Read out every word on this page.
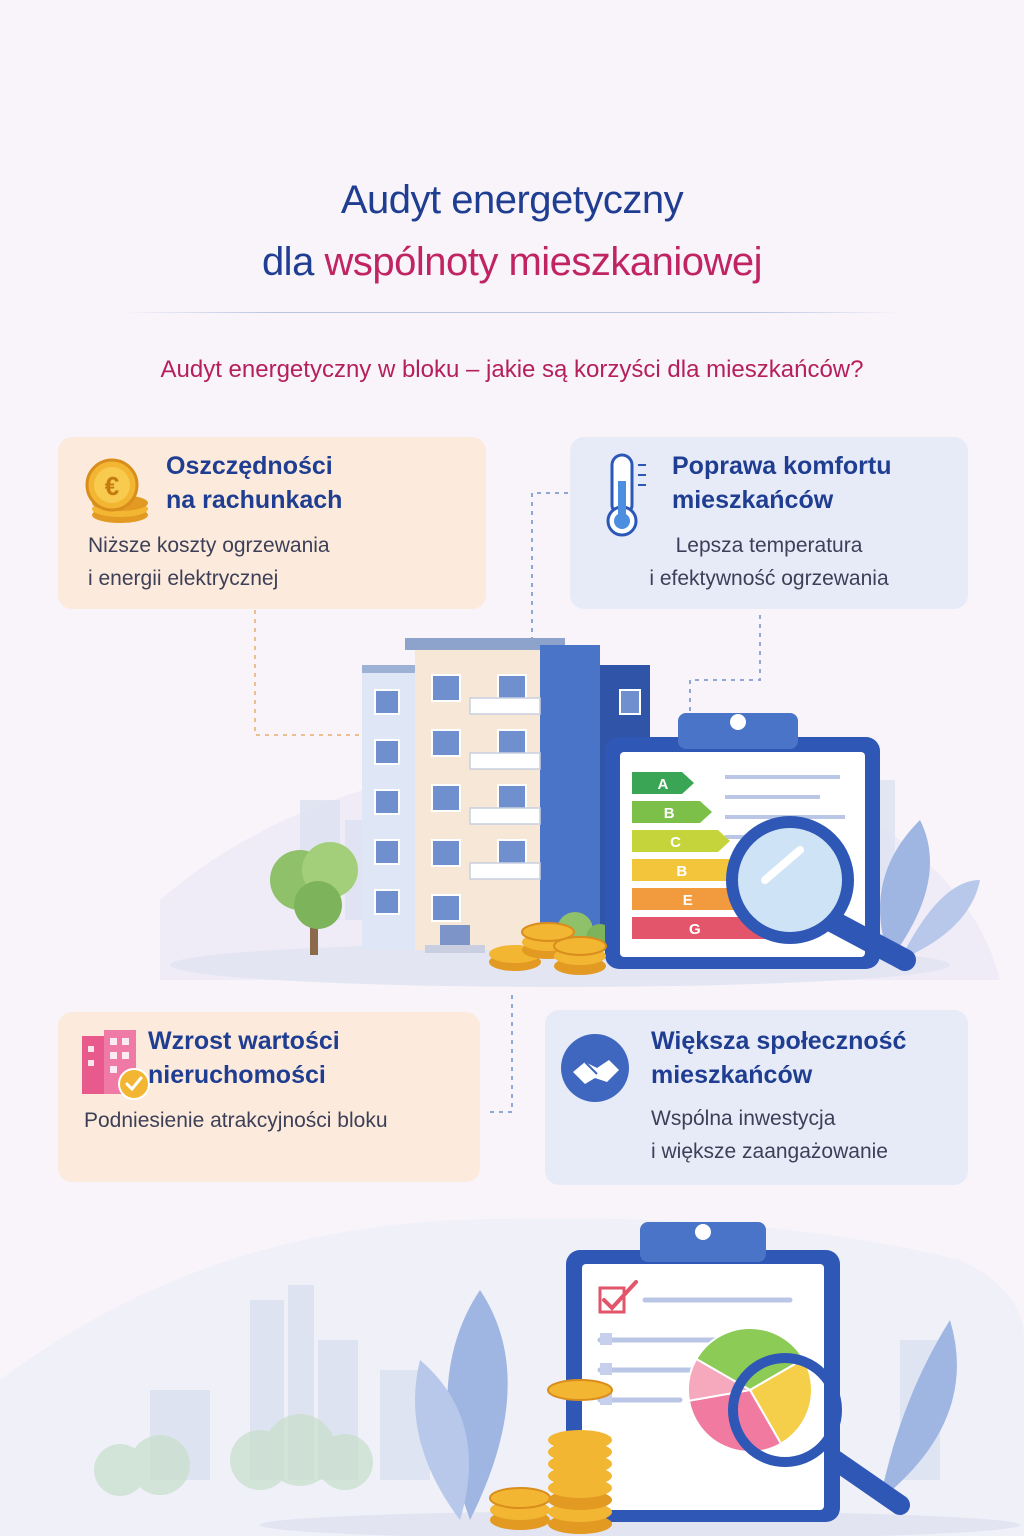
Audyt energetyczny
dla wspólnoty mieszkaniowej
Audyt energetyczny w bloku – jakie są korzyści dla mieszkańców?
€
Oszczędności
na rachunkach
Niższe koszty ogrzewania
i energii elektrycznej
Poprawa komfortu
mieszkańców
Lepsza temperatura
i efektywność ogrzewania
A
B
C
B
E
G
Wzrost wartości
nieruchomości
Podniesienie atrakcyjności bloku
Większa społeczność
mieszkańców
Wspólna inwestycja
i większe zaangażowanie
